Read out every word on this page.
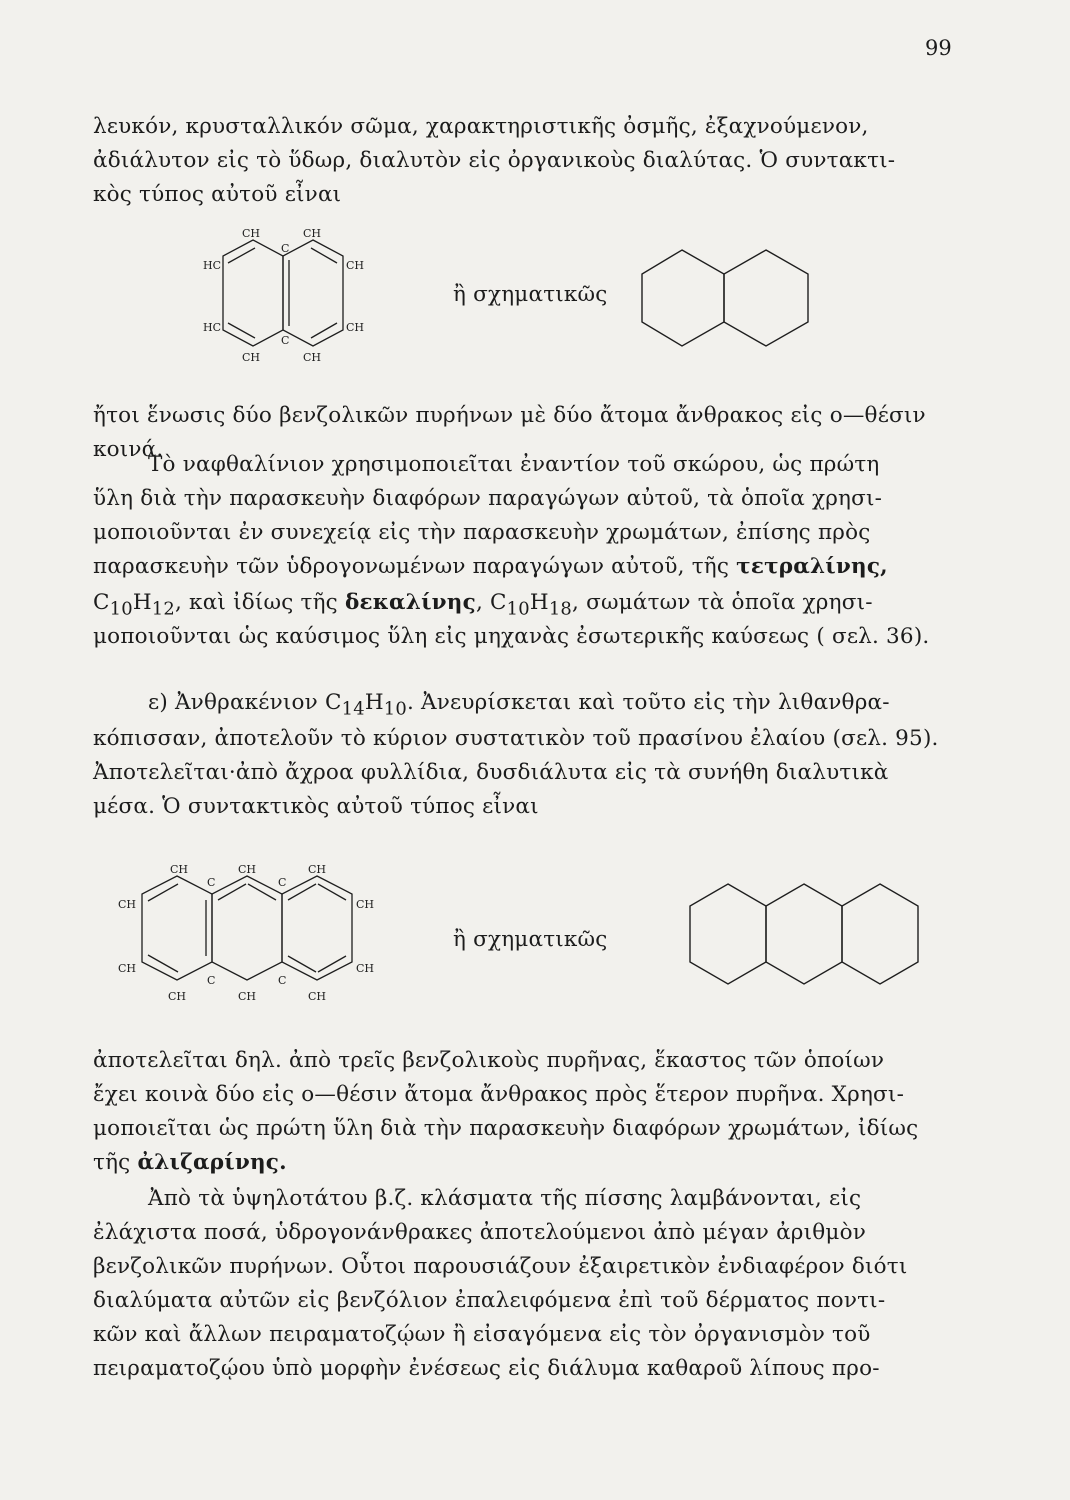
99
λευκόν, κρυσταλλικόν σῶμα, χαρακτηριστικῆς ὀσμῆς, ἐξαχνούμενον,
ἀδιάλυτον εἰς τὸ ὕδωρ, διαλυτὸν εἰς ὀργανικοὺς διαλύτας. Ὁ συντακτι-
κὸς τύπος αὐτοῦ εἶναι
CH	CH
C
HC	CH
HC	CH
C
CH	CH
ἢ σχηματικῶς
ἤτοι ἕνωσις δύο βενζολικῶν πυρήνων μὲ δύο ἄτομα ἄνθρακος εἰς ο—θέσιν
κοινά.
Τὸ ναφθαλίνιον χρησιμοποιεῖται ἐναντίον τοῦ σκώρου, ὡς πρώτη
ὕλη διὰ τὴν παρασκευὴν διαφόρων παραγώγων αὐτοῦ, τὰ ὁποῖα χρησι-
μοποιοῦνται ἐν συνεχείᾳ εἰς τὴν παρασκευὴν χρωμάτων, ἐπίσης πρὸς
παρασκευὴν τῶν ὑδρογονωμένων παραγώγων αὐτοῦ, τῆς τετραλίνης,
$C_{10}H_{12}$, καὶ ἰδίως τῆς δεκαλίνης, $C_{10}H_{18}$, σωμάτων τὰ ὁποῖα χρησι-
μοποιοῦνται ὡς καύσιμος ὕλη εἰς μηχανὰς ἐσωτερικῆς καύσεως ( σελ. 36).
ε) Ἀνθρακένιον $C_{14}H_{10}$. Ἀνευρίσκεται καὶ τοῦτο εἰς τὴν λιθανθρα-
κόπισσαν, ἀποτελοῦν τὸ κύριον συστατικὸν τοῦ πρασίνου ἐλαίου (σελ. 95).
Ἀποτελεῖται·ἀπὸ ἄχροα φυλλίδια, δυσδιάλυτα εἰς τὰ συνήθη διαλυτικὰ
μέσα. Ὁ συντακτικὸς αὐτοῦ τύπος εἶναι
CH	CH	CH
C	C
CH	CH
CH	CH
C	C
CH	CH	CH
ἢ σχηματικῶς
ἀποτελεῖται δηλ. ἀπὸ τρεῖς βενζολικοὺς πυρῆνας, ἕκαστος τῶν ὁποίων
ἔχει κοινὰ δύο εἰς ο—θέσιν ἄτομα ἄνθρακος πρὸς ἕτερον πυρῆνα. Χρησι-
μοποιεῖται ὡς πρώτη ὕλη διὰ τὴν παρασκευὴν διαφόρων χρωμάτων, ἰδίως
τῆς ἀλιζαρίνης.
Ἀπὸ τὰ ὑψηλοτάτου β.ζ. κλάσματα τῆς πίσσης λαμβάνονται, εἰς
ἐλάχιστα ποσά, ὑδρογονάνθρακες ἀποτελούμενοι ἀπὸ μέγαν ἀριθμὸν
βενζολικῶν πυρήνων. Οὗτοι παρουσιάζουν ἐξαιρετικὸν ἐνδιαφέρον διότι
διαλύματα αὐτῶν εἰς βενζόλιον ἐπαλειφόμενα ἐπὶ τοῦ δέρματος ποντι-
κῶν καὶ ἄλλων πειραματοζῴων ἢ εἰσαγόμενα εἰς τὸν ὀργανισμὸν τοῦ
πειραματοζῴου ὑπὸ μορφὴν ἐνέσεως εἰς διάλυμα καθαροῦ λίπους προ-
